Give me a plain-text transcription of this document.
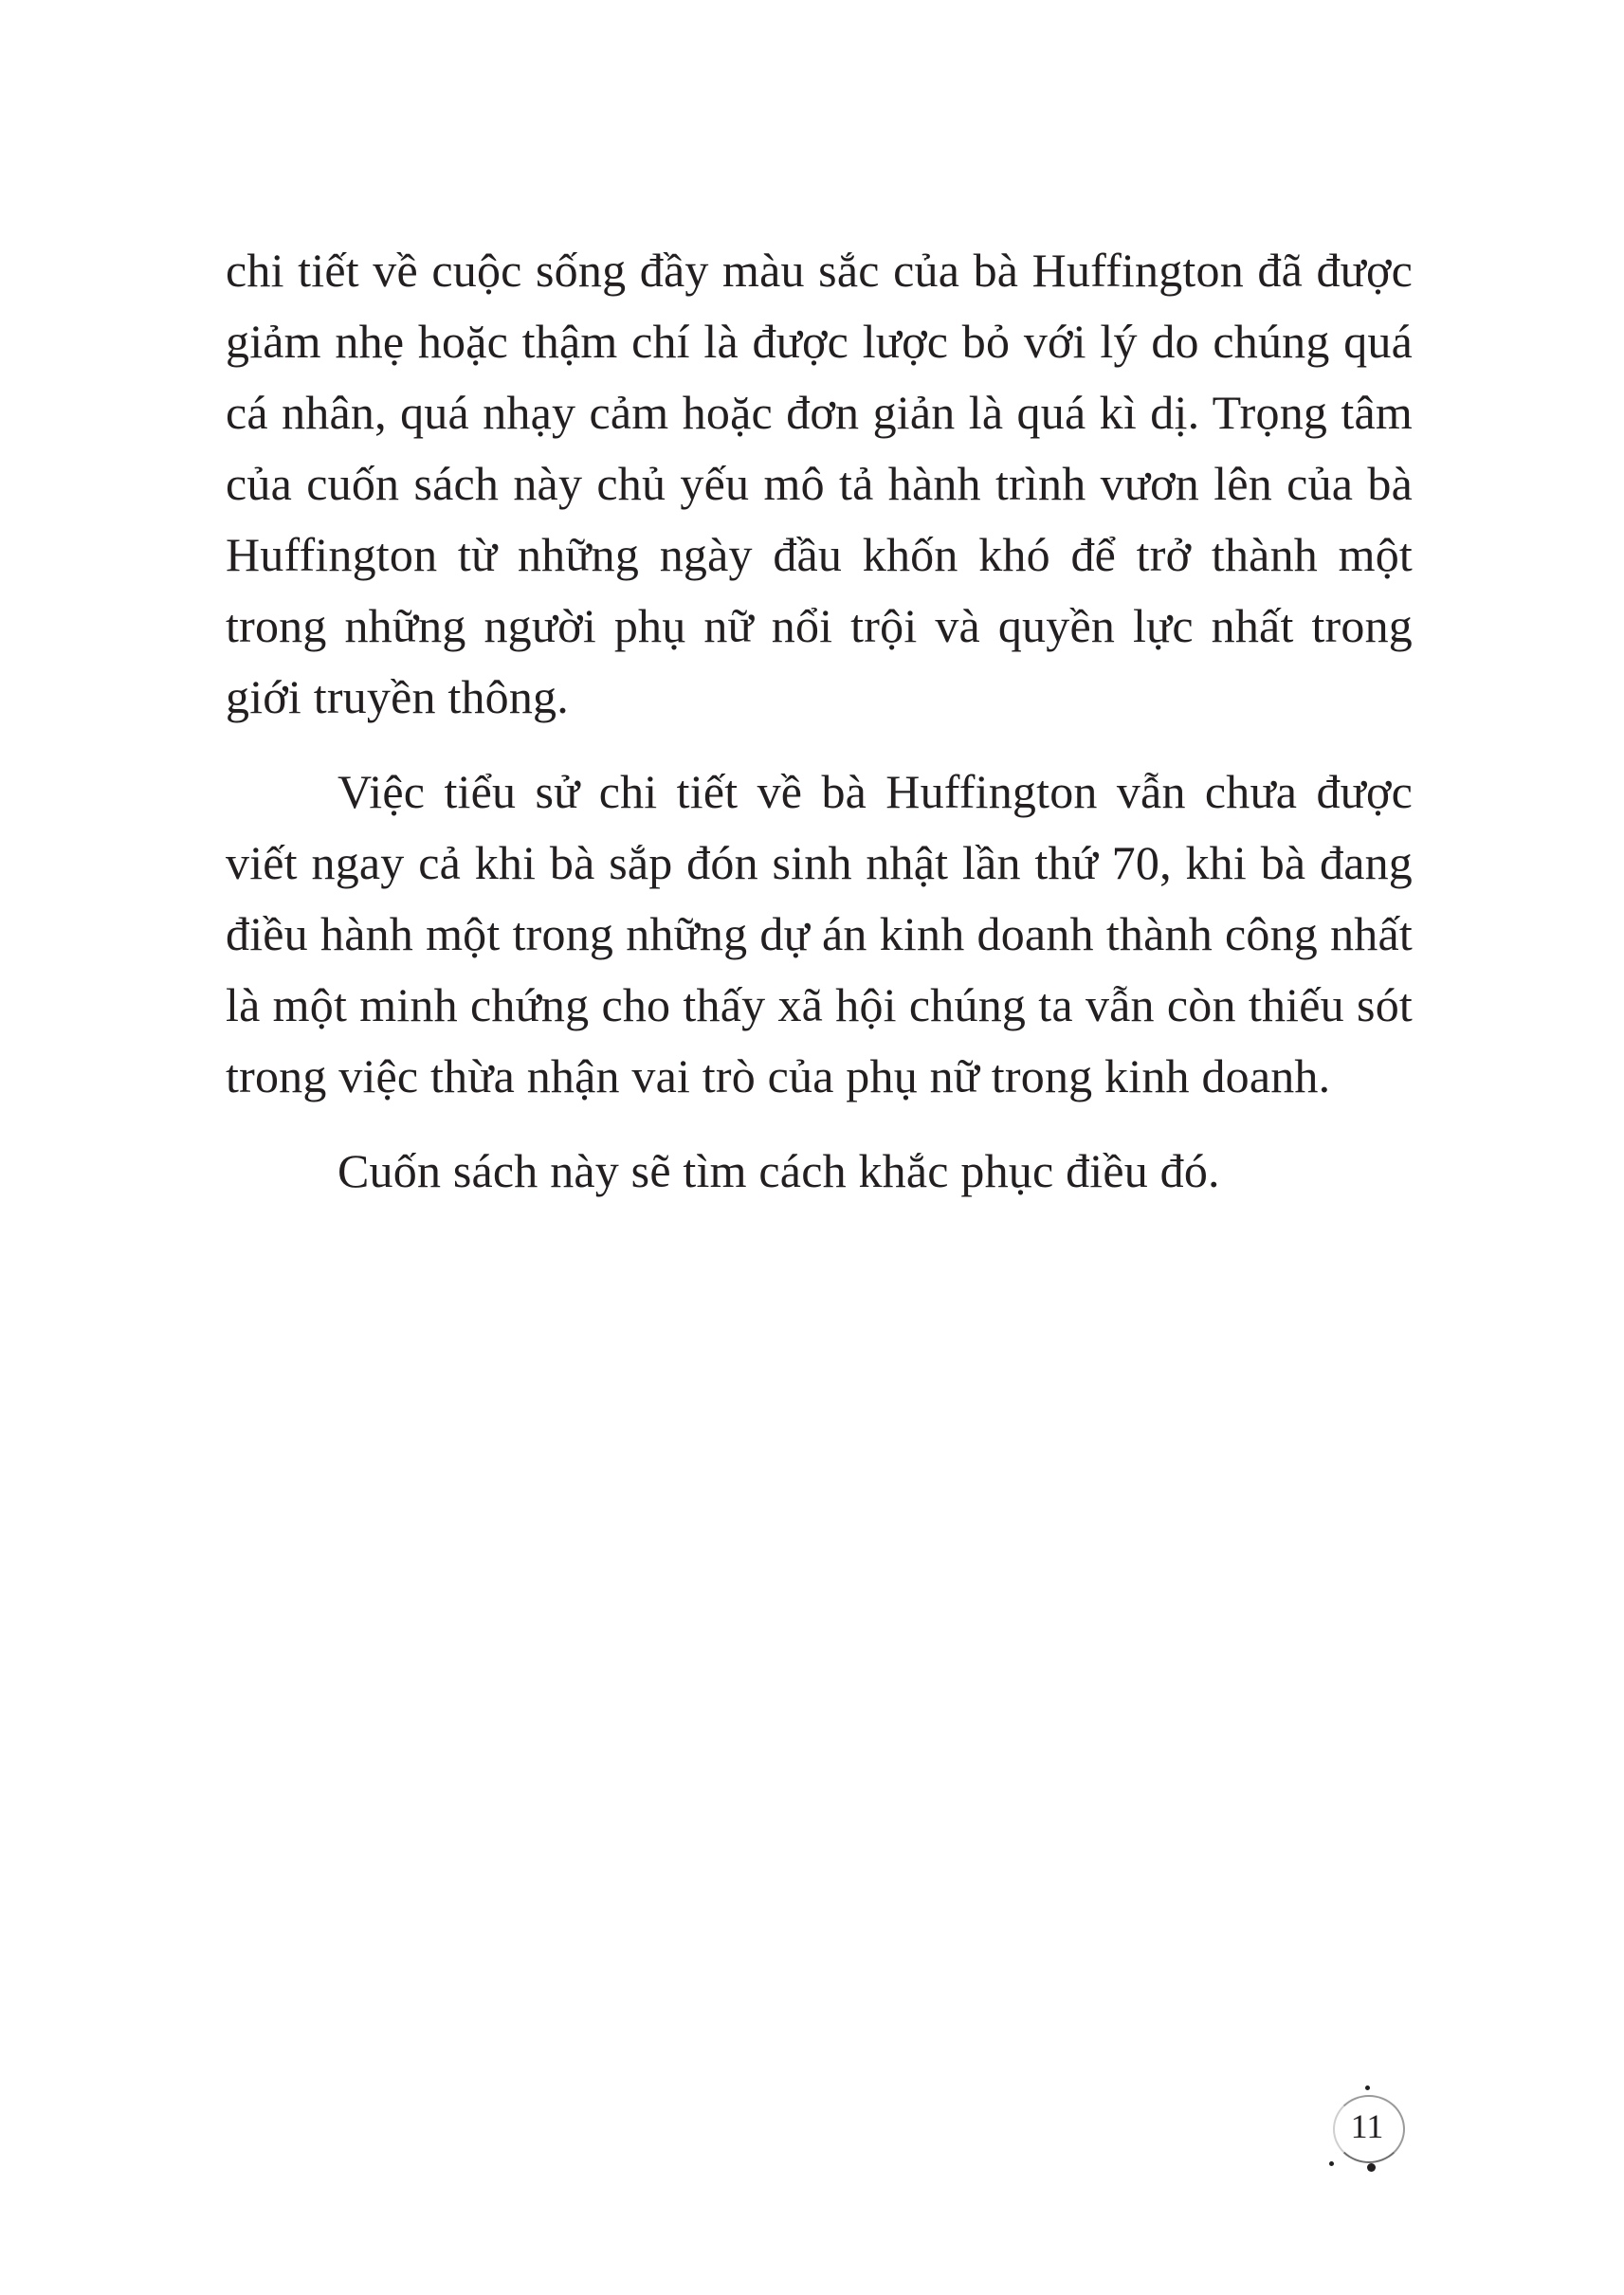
chi tiết về cuộc sống đầy màu sắc của bà Huffington đã được giảm nhẹ hoặc thậm chí là được lược bỏ với lý do chúng quá cá nhân, quá nhạy cảm hoặc đơn giản là quá kì dị. Trọng tâm của cuốn sách này chủ yếu mô tả hành trình vươn lên của bà Huffington từ những ngày đầu khốn khó để trở thành một trong những người phụ nữ nổi trội và quyền lực nhất trong giới truyền thông.

Việc tiểu sử chi tiết về bà Huffington vẫn chưa được viết ngay cả khi bà sắp đón sinh nhật lần thứ 70, khi bà đang điều hành một trong những dự án kinh doanh thành công nhất là một minh chứng cho thấy xã hội chúng ta vẫn còn thiếu sót trong việc thừa nhận vai trò của phụ nữ trong kinh doanh.

Cuốn sách này sẽ tìm cách khắc phục điều đó.

11
